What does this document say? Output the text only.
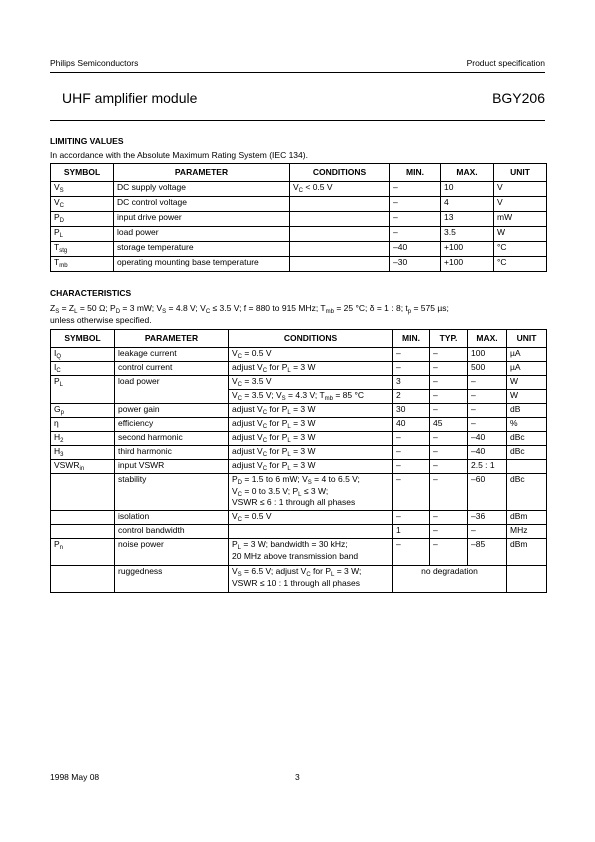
Philips Semiconductors	Product specification
UHF amplifier module	BGY206
LIMITING VALUES
In accordance with the Absolute Maximum Rating System (IEC 134).
SYMBOL	PARAMETER	CONDITIONS	MIN.	MAX.	UNIT
$V_S$	DC supply voltage	$V_C < 0.5$ V	–	10	V
$V_C$	DC control voltage		–	4	V
$P_D$	input drive power		–	13	mW
$P_L$	load power		–	3.5	W
$T_{stg}$	storage temperature		–40	+100	°C
$T_{mb}$	operating mounting base temperature		–30	+100	°C
CHARACTERISTICS
$Z_S = Z_L = 50$ Ω; $P_D = 3$ mW; $V_S = 4.8$ V; $V_C \le 3.5$ V; f = 880 to 915 MHz; $T_{mb} = 25$ °C; δ = 1 : 8; $t_p = 575$ µs;
unless otherwise specified.
SYMBOL	PARAMETER	CONDITIONS	MIN.	TYP.	MAX.	UNIT
$I_Q$	leakage current	$V_C = 0.5$ V	–	–	100	µA
$I_C$	control current	adjust $V_C$ for $P_L = 3$ W	–	–	500	µA
$P_L$	load power	$V_C = 3.5$ V	3	–	–	W
		$V_C = 3.5$ V; $V_S = 4.3$ V; $T_{mb} = 85$ °C	2	–	–	W
$G_p$	power gain	adjust $V_C$ for $P_L = 3$ W	30	–	–	dB
η	efficiency	adjust $V_C$ for $P_L = 3$ W	40	45	–	%
$H_2$	second harmonic	adjust $V_C$ for $P_L = 3$ W	–	–	–40	dBc
$H_3$	third harmonic	adjust $V_C$ for $P_L = 3$ W	–	–	–40	dBc
$VSWR_{in}$	input VSWR	adjust $V_C$ for $P_L = 3$ W	–	–	2.5 : 1	
	stability	$P_D = 1.5$ to 6 mW; $V_S = 4$ to 6.5 V;
$V_C = 0$ to 3.5 V; $P_L \le 3$ W;
VSWR ≤ 6 : 1 through all phases	–	–	–60	dBc
	isolation	$V_C = 0.5$ V	–	–	–36	dBm
	control bandwidth		1	–	–	MHz
$P_n$	noise power	$P_L = 3$ W; bandwidth = 30 kHz;
20 MHz above transmission band	–	–	–85	dBm
	ruggedness	$V_S = 6.5$ V; adjust $V_C$ for $P_L = 3$ W;
VSWR ≤ 10 : 1 through all phases	no degradation			
1998 May 08	3
